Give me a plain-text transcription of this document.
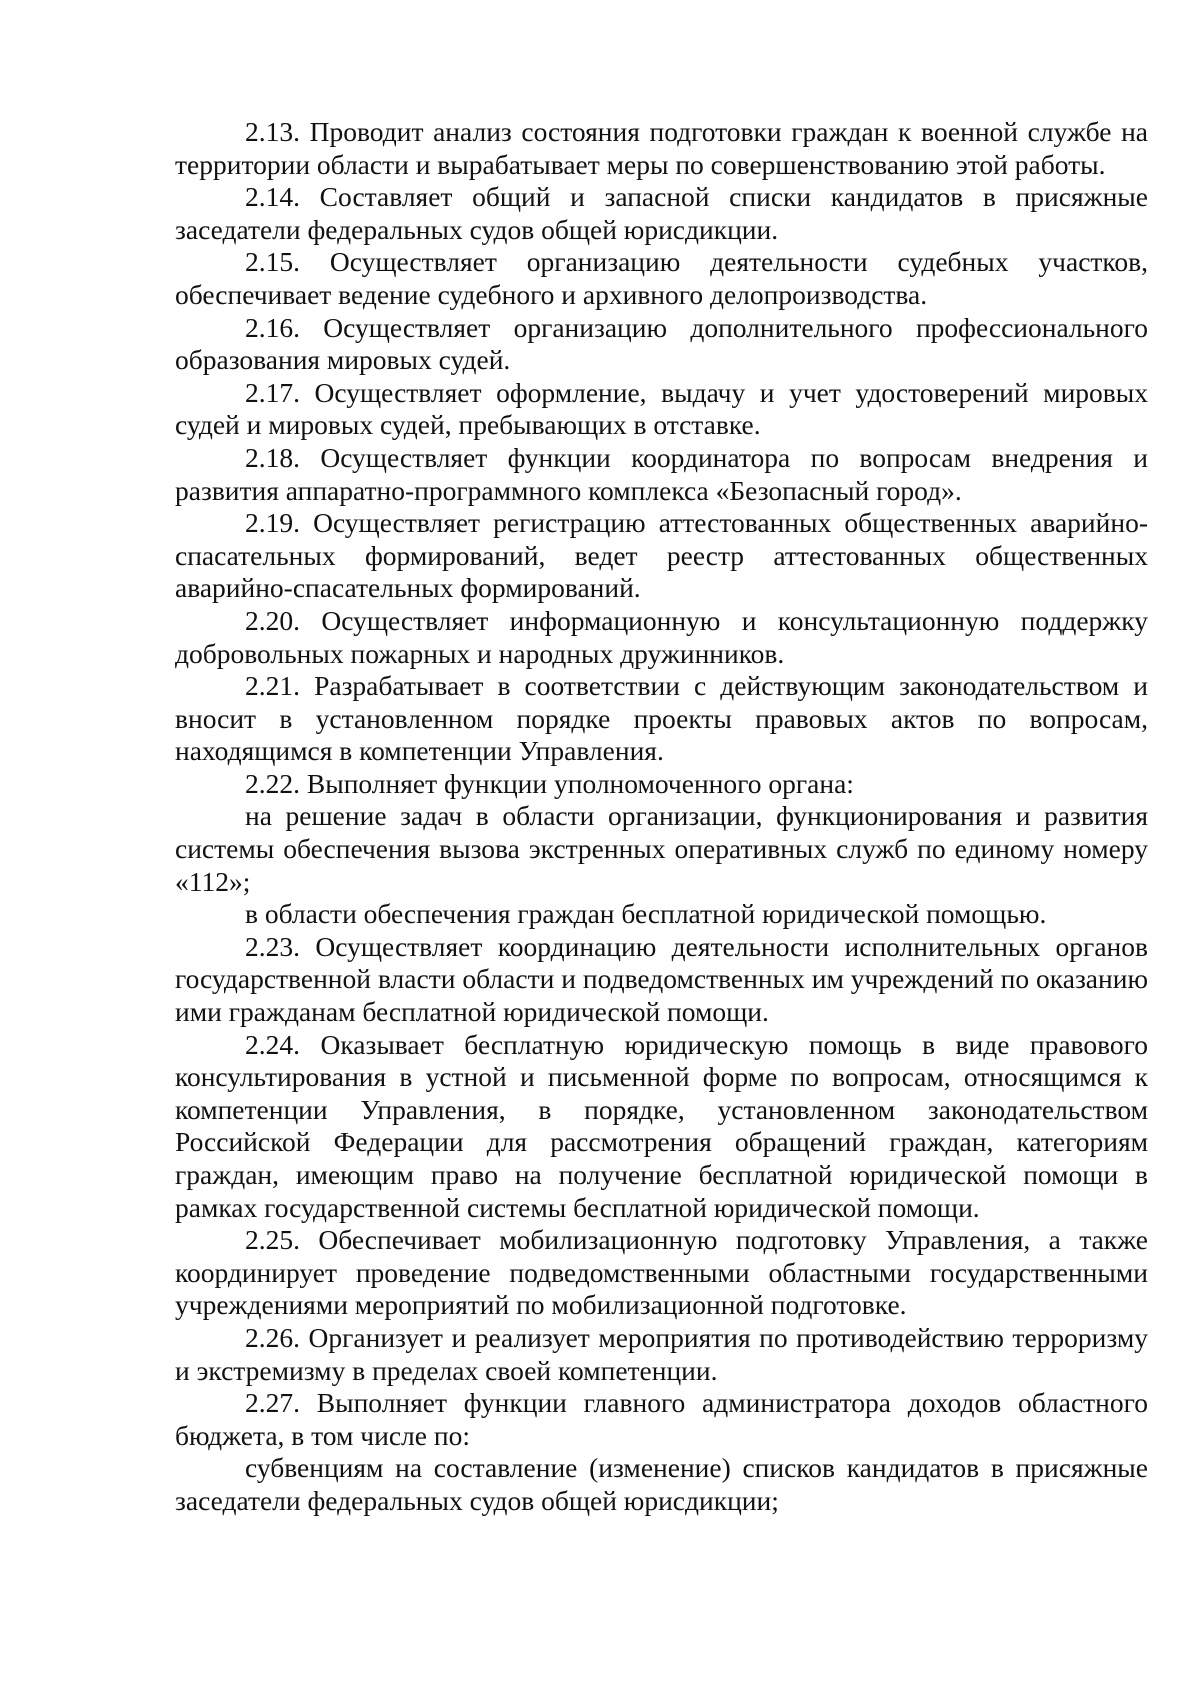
2.13. Проводит анализ состояния подготовки граждан к военной службе на территории области и вырабатывает меры по совершенствованию этой работы.

2.14. Составляет общий и запасной списки кандидатов в присяжные заседатели федеральных судов общей юрисдикции.

2.15. Осуществляет организацию деятельности судебных участков, обеспечивает ведение судебного и архивного делопроизводства.

2.16. Осуществляет организацию дополнительного профессионального образования мировых судей.

2.17. Осуществляет оформление, выдачу и учет удостоверений мировых судей и мировых судей, пребывающих в отставке.

2.18. Осуществляет функции координатора по вопросам внедрения и развития аппаратно-программного комплекса «Безопасный город».

2.19. Осуществляет регистрацию аттестованных общественных аварийно-спасательных формирований, ведет реестр аттестованных общественных аварийно-спасательных формирований.

2.20. Осуществляет информационную и консультационную поддержку добровольных пожарных и народных дружинников.

2.21. Разрабатывает в соответствии с действующим законодательством и вносит в установленном порядке проекты правовых актов по вопросам, находящимся в компетенции Управления.

2.22. Выполняет функции уполномоченного органа:

на решение задач в области организации, функционирования и развития системы обеспечения вызова экстренных оперативных служб по единому номеру «112»;

в области обеспечения граждан бесплатной юридической помощью.

2.23. Осуществляет координацию деятельности исполнительных органов государственной власти области и подведомственных им учреждений по оказанию ими гражданам бесплатной юридической помощи.

2.24. Оказывает бесплатную юридическую помощь в виде правового консультирования в устной и письменной форме по вопросам, относящимся к компетенции Управления, в порядке, установленном законодательством Российской Федерации для рассмотрения обращений граждан, категориям граждан, имеющим право на получение бесплатной юридической помощи в рамках государственной системы бесплатной юридической помощи.

2.25. Обеспечивает мобилизационную подготовку Управления, а также координирует проведение подведомственными областными государственными учреждениями мероприятий по мобилизационной подготовке.

2.26. Организует и реализует мероприятия по противодействию терроризму и экстремизму в пределах своей компетенции.

2.27. Выполняет функции главного администратора доходов областного бюджета, в том числе по:

субвенциям на составление (изменение) списков кандидатов в присяжные заседатели федеральных судов общей юрисдикции;
